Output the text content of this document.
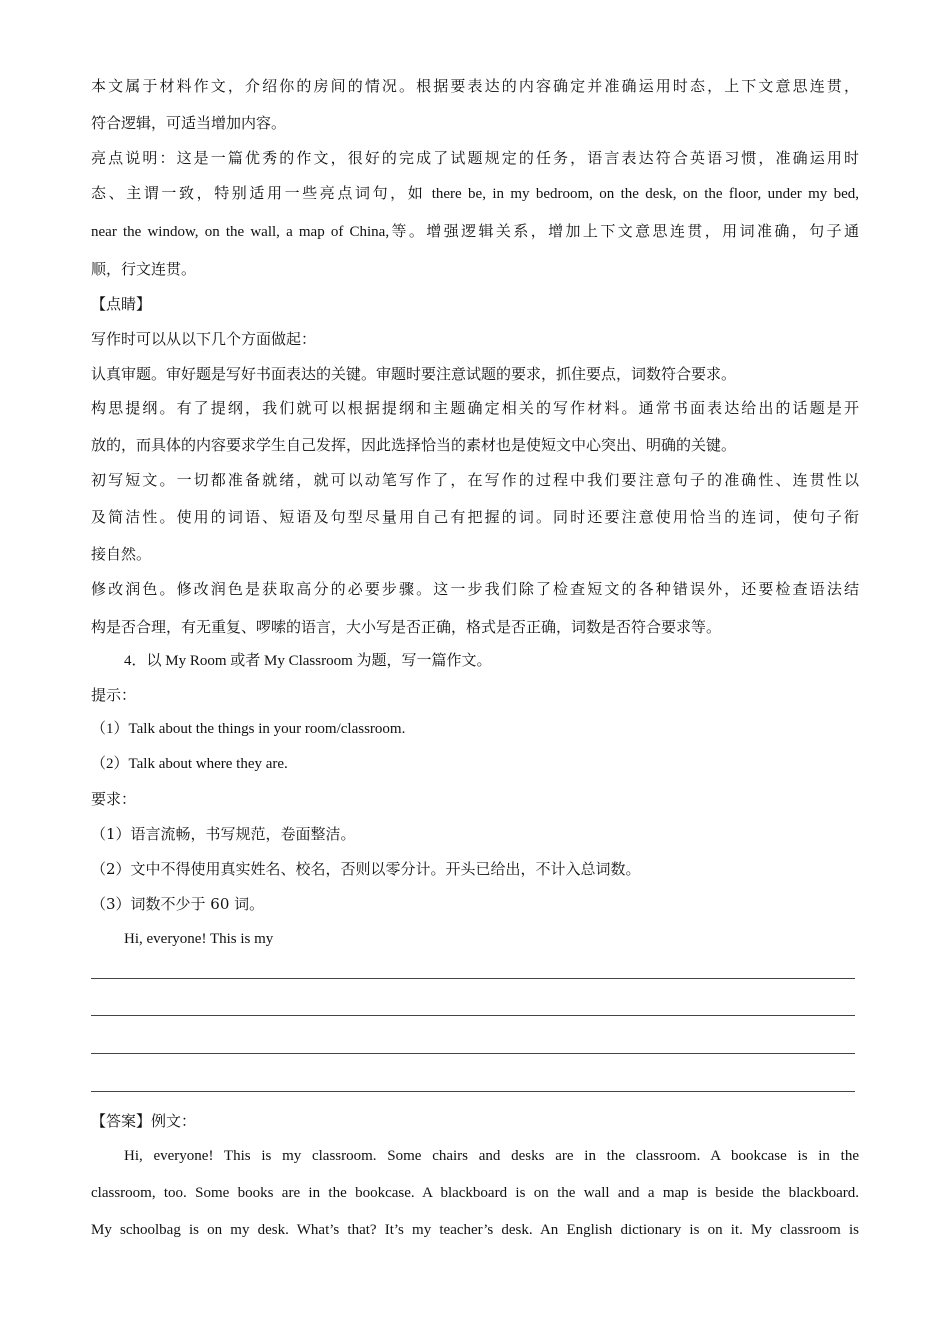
本文属于材料作文，介绍你的房间的情况。根据要表达的内容确定并准确运用时态，上下文意思连贯，
符合逻辑，可适当增加内容。
亮点说明：这是一篇优秀的作文，很好的完成了试题规定的任务，语言表达符合英语习惯，准确运用时
态、主谓一致，特别适用一些亮点词句，如 there be, in my bedroom, on the desk, on the floor, under my bed,
near the window, on the wall, a map of China,等。增强逻辑关系，增加上下文意思连贯，用词准确，句子通
顺，行文连贯。
【点睛】
写作时可以从以下几个方面做起：
认真审题。审好题是写好书面表达的关键。审题时要注意试题的要求，抓住要点，词数符合要求。
构思提纲。有了提纲，我们就可以根据提纲和主题确定相关的写作材料。通常书面表达给出的话题是开
放的，而具体的内容要求学生自己发挥，因此选择恰当的素材也是使短文中心突出、明确的关键。
初写短文。一切都准备就绪，就可以动笔写作了，在写作的过程中我们要注意句子的准确性、连贯性以
及简洁性。使用的词语、短语及句型尽量用自己有把握的词。同时还要注意使用恰当的连词，使句子衔
接自然。
修改润色。修改润色是获取高分的必要步骤。这一步我们除了检查短文的各种错误外，还要检查语法结
构是否合理，有无重复、啰嗦的语言，大小写是否正确，格式是否正确，词数是否符合要求等。
4．以 My Room 或者 My Classroom 为题，写一篇作文。
提示：
（1）Talk about the things in your room/classroom.
（2）Talk about where they are.
要求：
（1）语言流畅，书写规范，卷面整洁。
（2）文中不得使用真实姓名、校名，否则以零分计。开头已给出，不计入总词数。
（3）词数不少于 60 词。
Hi, everyone! This is my
【答案】例文：
Hi, everyone! This is my classroom. Some chairs and desks are in the classroom. A bookcase is in the
classroom, too. Some books are in the bookcase. A blackboard is on the wall and a map is beside the blackboard.
My schoolbag is on my desk. What’s that? It’s my teacher’s desk. An English dictionary is on it. My classroom is
